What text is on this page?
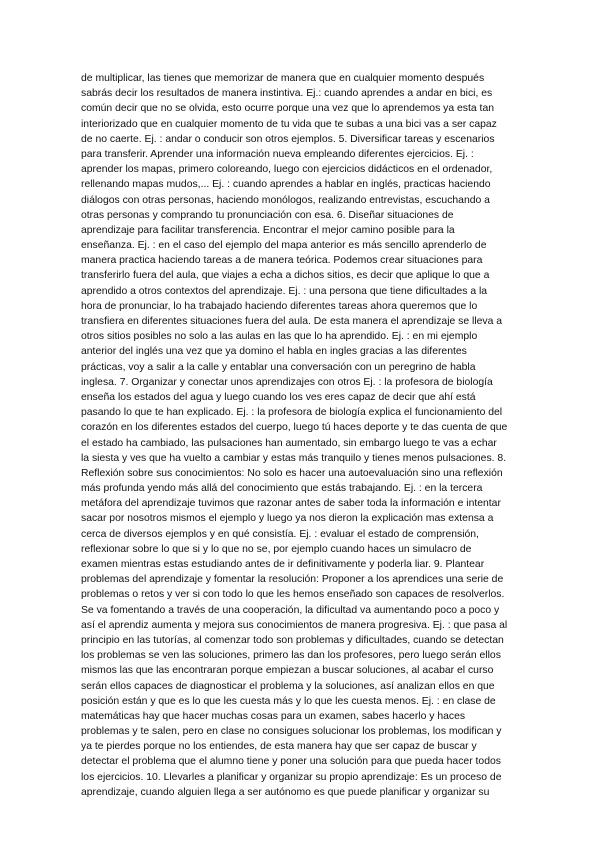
de multiplicar, las tienes que memorizar de manera que en cualquier momento después
sabrás decir los resultados de manera instintiva. Ej.: cuando aprendes a andar en bici, es
común decir que no se olvida, esto ocurre porque una vez que lo aprendemos ya esta tan
interiorizado que en cualquier momento de tu vida que te subas a una bici vas a ser capaz
de no caerte. Ej. : andar o conducir son otros ejemplos. 5. Diversificar tareas y escenarios
para transferir. Aprender una información nueva empleando diferentes ejercicios. Ej. :
aprender los mapas, primero coloreando, luego con ejercicios didácticos en el ordenador,
rellenando mapas mudos,... Ej. : cuando aprendes a hablar en inglés, practicas haciendo
diálogos con otras personas, haciendo monólogos, realizando entrevistas, escuchando a
otras personas y comprando tu pronunciación con esa. 6. Diseñar situaciones de
aprendizaje para facilitar transferencia. Encontrar el mejor camino posible para la
enseñanza. Ej. : en el caso del ejemplo del mapa anterior es más sencillo aprenderlo de
manera practica haciendo tareas a de manera teórica. Podemos crear situaciones para
transferirlo fuera del aula, que viajes a echa a dichos sitios, es decir que aplique lo que a
aprendido a otros contextos del aprendizaje. Ej. : una persona que tiene dificultades a la
hora de pronunciar, lo ha trabajado haciendo diferentes tareas ahora queremos que lo
transfiera en diferentes situaciones fuera del aula. De esta manera el aprendizaje se lleva a
otros sitios posibles no solo a las aulas en las que lo ha aprendido. Ej. : en mi ejemplo
anterior del inglés una vez que ya domino el habla en ingles gracias a las diferentes
prácticas, voy a salir a la calle y entablar una conversación con un peregrino de habla
inglesa. 7. Organizar y conectar unos aprendizajes con otros Ej. : la profesora de biología
enseña los estados del agua y luego cuando los ves eres capaz de decir que ahí está
pasando lo que te han explicado. Ej. : la profesora de biología explica el funcionamiento del
corazón en los diferentes estados del cuerpo, luego tú haces deporte y te das cuenta de que
el estado ha cambiado, las pulsaciones han aumentado, sin embargo luego te vas a echar
la siesta y ves que ha vuelto a cambiar y estas más tranquilo y tienes menos pulsaciones. 8.
Reflexión sobre sus conocimientos: No solo es hacer una autoevaluación sino una reflexión
más profunda yendo más allá del conocimiento que estás trabajando. Ej. : en la tercera
metáfora del aprendizaje tuvimos que razonar antes de saber toda la información e intentar
sacar por nosotros mismos el ejemplo y luego ya nos dieron la explicación mas extensa a
cerca de diversos ejemplos y en qué consistía. Ej. : evaluar el estado de comprensión,
reflexionar sobre lo que si y lo que no se, por ejemplo cuando haces un simulacro de
examen mientras estas estudiando antes de ir definitivamente y poderla liar. 9. Plantear
problemas del aprendizaje y fomentar la resolución: Proponer a los aprendices una serie de
problemas o retos y ver si con todo lo que les hemos enseñado son capaces de resolverlos.
Se va fomentando a través de una cooperación, la dificultad va aumentando poco a poco y
así el aprendiz aumenta y mejora sus conocimientos de manera progresiva. Ej. : que pasa al
principio en las tutorías, al comenzar todo son problemas y dificultades, cuando se detectan
los problemas se ven las soluciones, primero las dan los profesores, pero luego serán ellos
mismos las que las encontraran porque empiezan a buscar soluciones, al acabar el curso
serán ellos capaces de diagnosticar el problema y la soluciones, así analizan ellos en que
posición están y que es lo que les cuesta más y lo que les cuesta menos. Ej. : en clase de
matemáticas hay que hacer muchas cosas para un examen, sabes hacerlo y haces
problemas y te salen, pero en clase no consigues solucionar los problemas, los modifican y
ya te pierdes porque no los entiendes, de esta manera hay que ser capaz de buscar y
detectar el problema que el alumno tiene y poner una solución para que pueda hacer todos
los ejercicios. 10. Llevarles a planificar y organizar su propio aprendizaje: Es un proceso de
aprendizaje, cuando alguien llega a ser autónomo es que puede planificar y organizar su
